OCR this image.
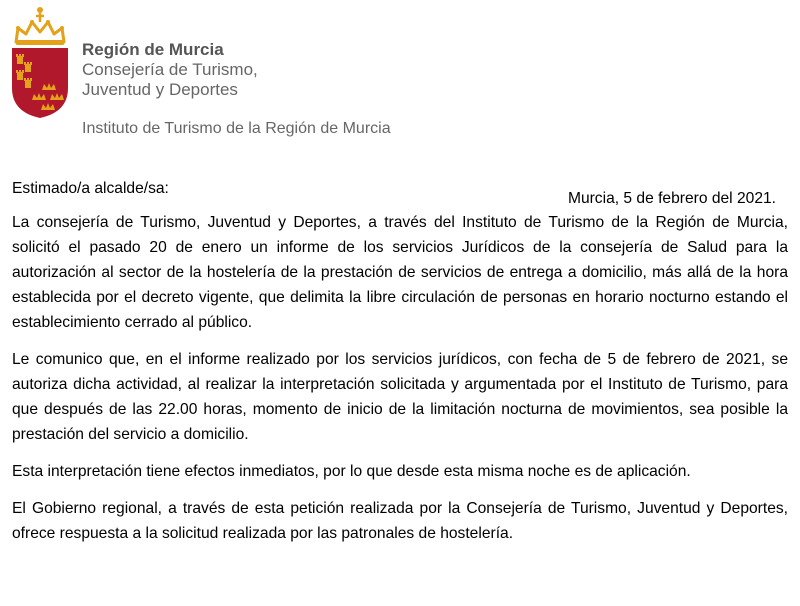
Región de Murcia
Consejería de Turismo,
Juventud y Deportes
Instituto de Turismo de la Región de Murcia
Estimado/a alcalde/sa:
Murcia, 5 de febrero del 2021.

La consejería de Turismo, Juventud y Deportes, a través del Instituto de Turismo de la Región de Murcia, solicitó el pasado 20 de enero un informe de los servicios Jurídicos de la consejería de Salud para la autorización al sector de la hostelería de la prestación de servicios de entrega a domicilio, más allá de la hora establecida por el decreto vigente, que delimita la libre circulación de personas en horario nocturno estando el establecimiento cerrado al público.

Le comunico que, en el informe realizado por los servicios jurídicos, con fecha de 5 de febrero de 2021, se autoriza dicha actividad, al realizar la interpretación solicitada y argumentada por el Instituto de Turismo, para que después de las 22.00 horas, momento de inicio de la limitación nocturna de movimientos, sea posible la prestación del servicio a domicilio.

Esta interpretación tiene efectos inmediatos, por lo que desde esta misma noche es de aplicación.

El Gobierno regional, a través de esta petición realizada por la Consejería de Turismo, Juventud y Deportes, ofrece respuesta a la solicitud realizada por las patronales de hostelería.
